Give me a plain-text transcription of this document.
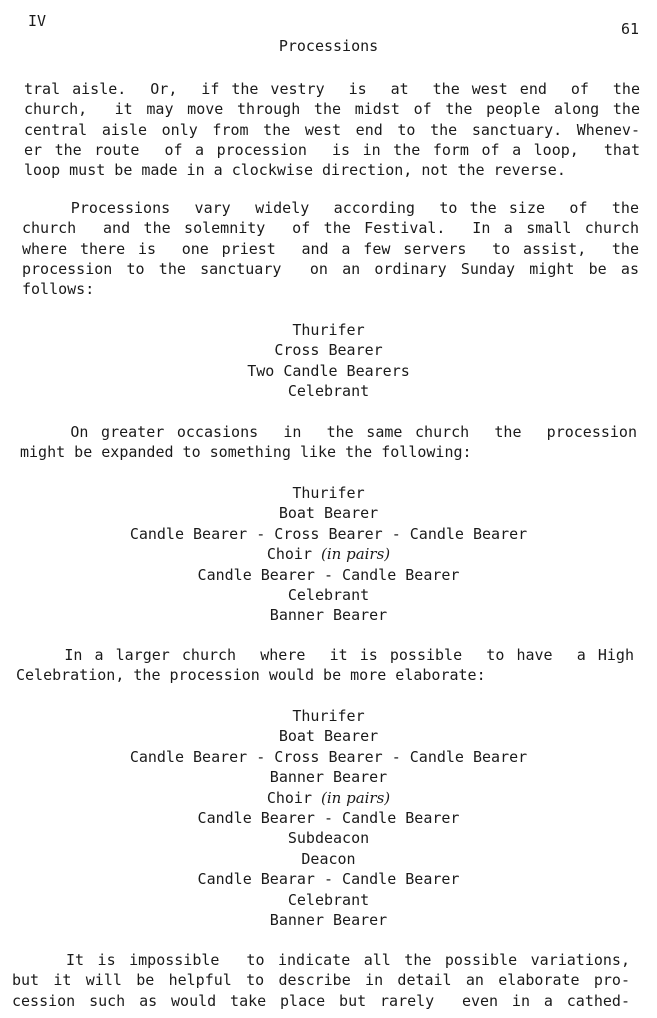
IV	61
Processions
tral aisle.  Or,  if the vestry  is  at  the west end  of  the
church,  it may move through the midst of the people along the
central aisle only from the west end to the sanctuary. Whenev-
er the route  of a procession  is in the form of a loop,  that
loop must be made in a clockwise direction, not the reverse.
Processions  vary  widely  according  to the size  of  the
church  and the solemnity  of the Festival.  In a small church
where there is  one priest  and a few servers  to assist,  the
procession to the sanctuary  on an ordinary Sunday might be as
follows:
Thurifer
Cross Bearer
Two Candle Bearers
Celebrant
On greater occasions  in  the same church  the  procession
might be expanded to something like the following:
Thurifer
Boat Bearer
Candle Bearer - Cross Bearer - Candle Bearer
Choir (in pairs)
Candle Bearer - Candle Bearer
Celebrant
Banner Bearer
In a larger church  where  it is possible  to have  a High
Celebration, the procession would be more elaborate:
Thurifer
Boat Bearer
Candle Bearer - Cross Bearer - Candle Bearer
Banner Bearer
Choir (in pairs)
Candle Bearer - Candle Bearer
Subdeacon
Deacon
Candle Bearar - Candle Bearer
Celebrant
Banner Bearer
It is impossible  to indicate all the possible variations,
but it will be helpful to describe in detail an elaborate pro-
cession such as would take place but rarely  even in a cathed-
